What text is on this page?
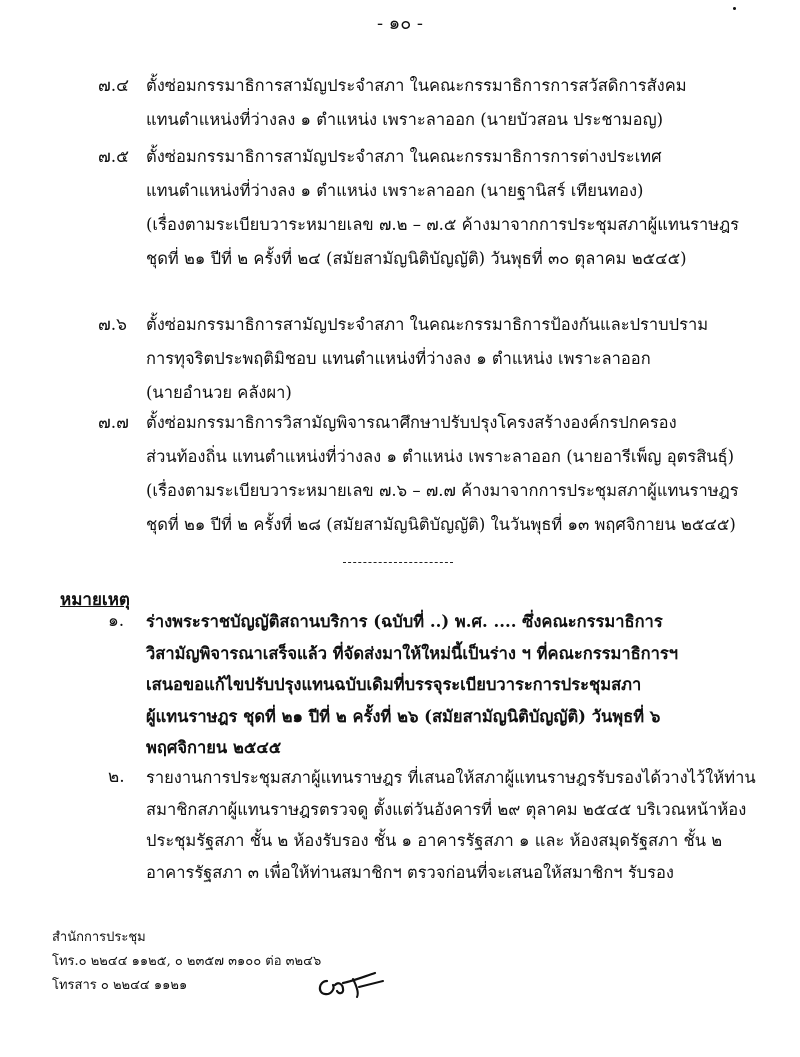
- ๑๐ -
๗.๔ ตั้งซ่อมกรรมาธิการสามัญประจำสภา ในคณะกรรมาธิการการสวัสดิการสังคม
แทนตำแหน่งที่ว่างลง ๑ ตำแหน่ง เพราะลาออก (นายบัวสอน ประชามอญ)
๗.๕ ตั้งซ่อมกรรมาธิการสามัญประจำสภา ในคณะกรรมาธิการการต่างประเทศ
แทนตำแหน่งที่ว่างลง ๑ ตำแหน่ง เพราะลาออก (นายฐานิสร์ เทียนทอง)
(เรื่องตามระเบียบวาระหมายเลข ๗.๒ – ๗.๕ ค้างมาจากการประชุมสภาผู้แทนราษฎร
ชุดที่ ๒๑ ปีที่ ๒ ครั้งที่ ๒๔ (สมัยสามัญนิติบัญญัติ) วันพุธที่ ๓๐ ตุลาคม ๒๕๔๕)
๗.๖ ตั้งซ่อมกรรมาธิการสามัญประจำสภา ในคณะกรรมาธิการป้องกันและปราบปราม
การทุจริตประพฤติมิชอบ แทนตำแหน่งที่ว่างลง ๑ ตำแหน่ง เพราะลาออก
(นายอำนวย คลังผา)
๗.๗ ตั้งซ่อมกรรมาธิการวิสามัญพิจารณาศึกษาปรับปรุงโครงสร้างองค์กรปกครอง
ส่วนท้องถิ่น แทนตำแหน่งที่ว่างลง ๑ ตำแหน่ง เพราะลาออก (นายอารีเพ็ญ อุตรสินธุ์)
(เรื่องตามระเบียบวาระหมายเลข ๗.๖ – ๗.๗ ค้างมาจากการประชุมสภาผู้แทนราษฎร
ชุดที่ ๒๑ ปีที่ ๒ ครั้งที่ ๒๘ (สมัยสามัญนิติบัญญัติ) ในวันพุธที่ ๑๓ พฤศจิกายน ๒๕๔๕)
หมายเหตุ
๑. ร่างพระราชบัญญัติสถานบริการ (ฉบับที่ ..) พ.ศ. .... ซึ่งคณะกรรมาธิการ
วิสามัญพิจารณาเสร็จแล้ว ที่จัดส่งมาให้ใหม่นี้เป็นร่าง ฯ ที่คณะกรรมาธิการฯ
เสนอขอแก้ไขปรับปรุงแทนฉบับเดิมที่บรรจุระเบียบวาระการประชุมสภา
ผู้แทนราษฎร ชุดที่ ๒๑ ปีที่ ๒ ครั้งที่ ๒๖ (สมัยสามัญนิติบัญญัติ) วันพุธที่ ๖
พฤศจิกายน ๒๕๔๕
๒. รายงานการประชุมสภาผู้แทนราษฎร ที่เสนอให้สภาผู้แทนราษฎรรับรองได้วางไว้ให้ท่าน
สมาชิกสภาผู้แทนราษฎรตรวจดู ตั้งแต่วันอังคารที่ ๒๙ ตุลาคม ๒๕๔๕ บริเวณหน้าห้อง
ประชุมรัฐสภา ชั้น ๒ ห้องรับรอง ชั้น ๑ อาคารรัฐสภา ๑ และ ห้องสมุดรัฐสภา ชั้น ๒
อาคารรัฐสภา ๓ เพื่อให้ท่านสมาชิกฯ ตรวจก่อนที่จะเสนอให้สมาชิกฯ รับรอง
สำนักการประชุม
โทร.๐ ๒๒๔๔ ๑๑๒๕, ๐ ๒๓๕๗ ๓๑๐๐ ต่อ ๓๒๔๖
โทรสาร ๐ ๒๒๔๔ ๑๑๒๑
